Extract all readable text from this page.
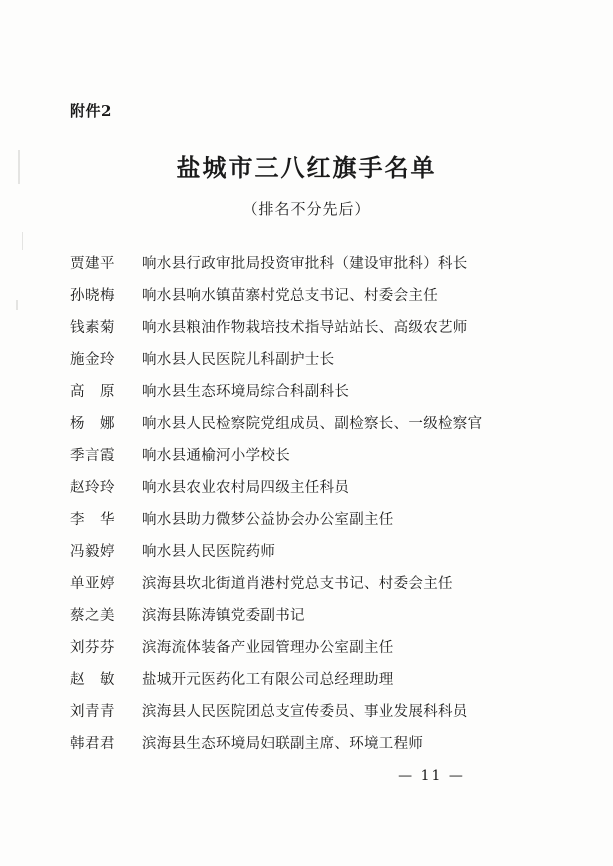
附件2
盐城市三八红旗手名单
（排名不分先后）
贾建平	响水县行政审批局投资审批科（建设审批科）科长
孙晓梅	响水县响水镇苗寨村党总支书记、村委会主任
钱素菊	响水县粮油作物栽培技术指导站站长、高级农艺师
施金玲	响水县人民医院儿科副护士长
高　原	响水县生态环境局综合科副科长
杨　娜	响水县人民检察院党组成员、副检察长、一级检察官
季言霞	响水县通榆河小学校长
赵玲玲	响水县农业农村局四级主任科员
李　华	响水县助力微梦公益协会办公室副主任
冯毅婷	响水县人民医院药师
单亚婷	滨海县坎北街道肖港村党总支书记、村委会主任
蔡之美	滨海县陈涛镇党委副书记
刘芬芬	滨海流体装备产业园管理办公室副主任
赵　敏	盐城开元医药化工有限公司总经理助理
刘青青	滨海县人民医院团总支宣传委员、事业发展科科员
韩君君	滨海县生态环境局妇联副主席、环境工程师
— 11 —
